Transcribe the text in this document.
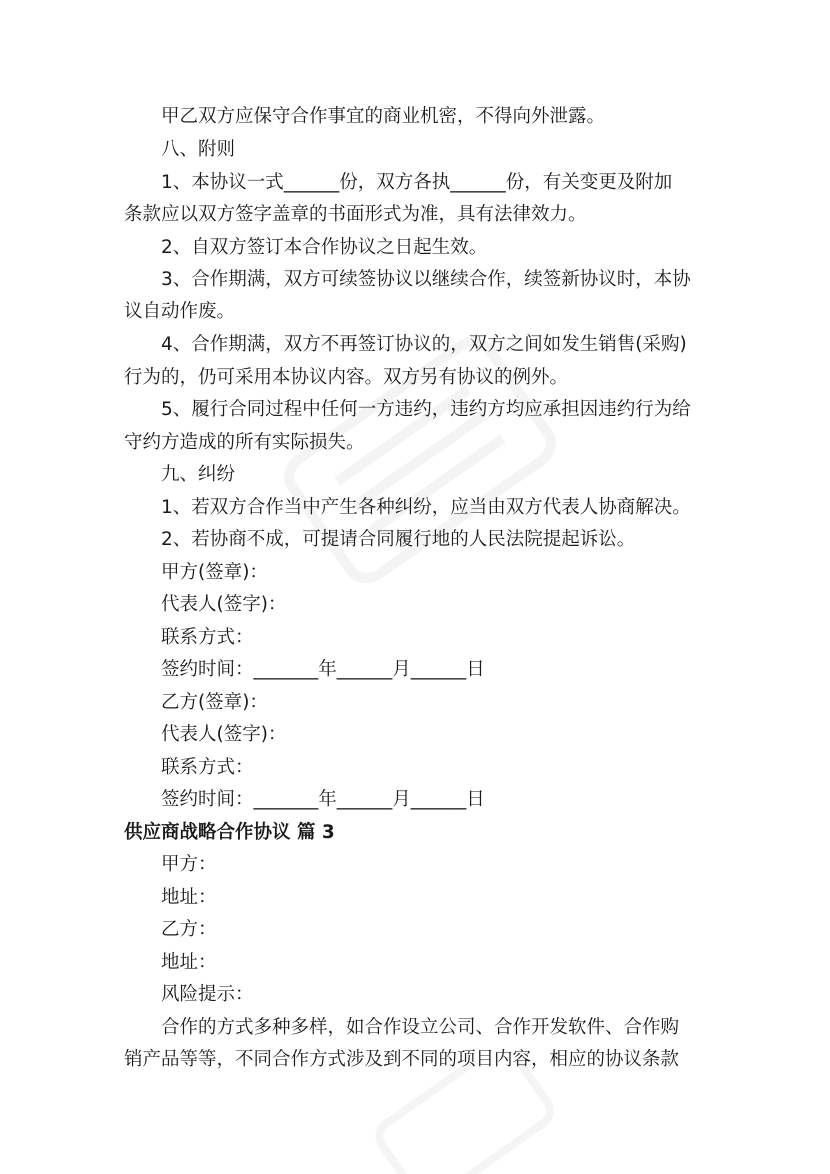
甲乙双方应保守合作事宜的商业机密，不得向外泄露。
八、附则
1、本协议一式______份，双方各执______份，有关变更及附加
条款应以双方签字盖章的书面形式为准，具有法律效力。
2、自双方签订本合作协议之日起生效。
3、合作期满，双方可续签协议以继续合作，续签新协议时，本协
议自动作废。
4、合作期满，双方不再签订协议的，双方之间如发生销售(采购)
行为的，仍可采用本协议内容。双方另有协议的例外。
5、履行合同过程中任何一方违约，违约方均应承担因违约行为给
守约方造成的所有实际损失。
九、纠纷
1、若双方合作当中产生各种纠纷，应当由双方代表人协商解决。
2、若协商不成，可提请合同履行地的人民法院提起诉讼。
甲方(签章)：
代表人(签字)：
联系方式：
签约时间：_______年______月______日
乙方(签章)：
代表人(签字)：
联系方式：
签约时间：_______年______月______日
供应商战略合作协议 篇 3
甲方：
地址：
乙方：
地址：
风险提示：
合作的方式多种多样，如合作设立公司、合作开发软件、合作购
销产品等等，不同合作方式涉及到不同的项目内容，相应的协议条款
